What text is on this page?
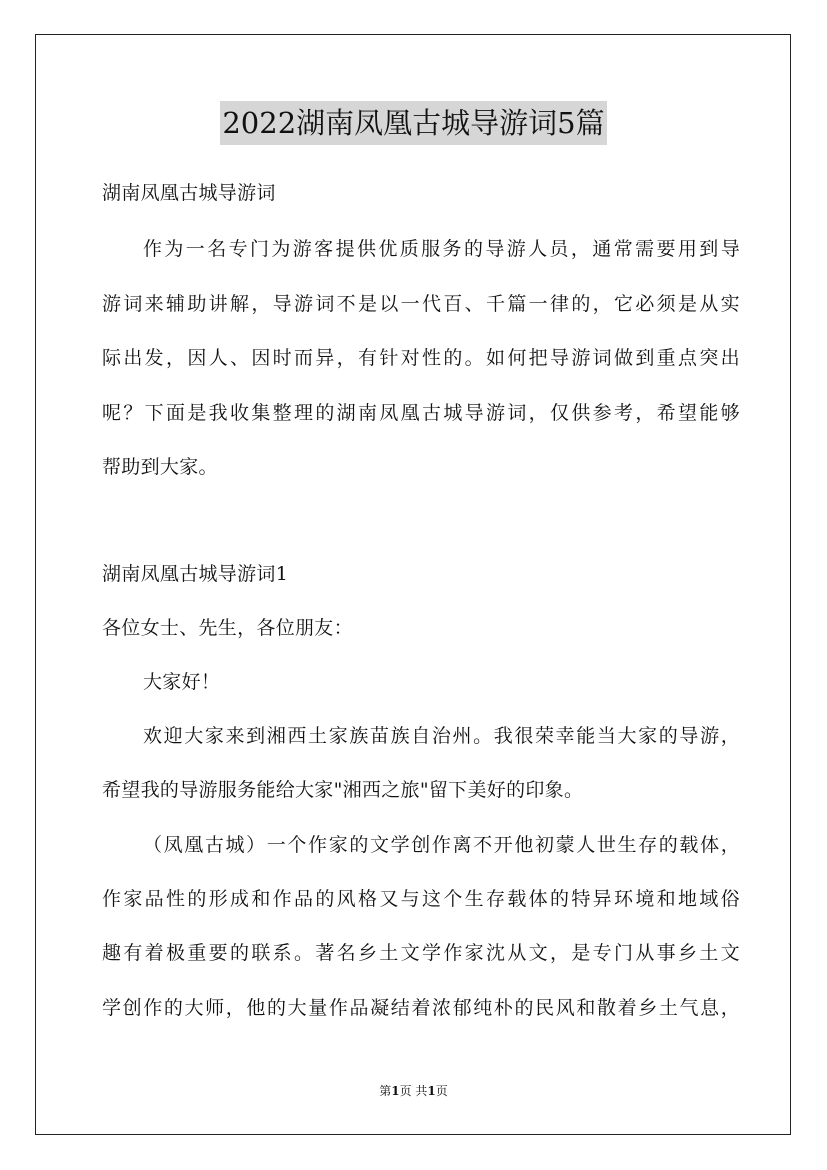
2022湖南凤凰古城导游词5篇
湖南凤凰古城导游词
作为一名专门为游客提供优质服务的导游人员，通常需要用到导
游词来辅助讲解，导游词不是以一代百、千篇一律的，它必须是从实
际出发，因人、因时而异，有针对性的。如何把导游词做到重点突出
呢？下面是我收集整理的湖南凤凰古城导游词，仅供参考，希望能够
帮助到大家。
湖南凤凰古城导游词1
各位女士、先生，各位朋友：
大家好！
欢迎大家来到湘西土家族苗族自治州。我很荣幸能当大家的导游，
希望我的导游服务能给大家"湘西之旅"留下美好的印象。
（凤凰古城）一个作家的文学创作离不开他初蒙人世生存的载体，
作家品性的形成和作品的风格又与这个生存载体的特异环境和地域俗
趣有着极重要的联系。著名乡土文学作家沈从文，是专门从事乡土文
学创作的大师，他的大量作品凝结着浓郁纯朴的民风和散着乡土气息，
第1页 共1页
